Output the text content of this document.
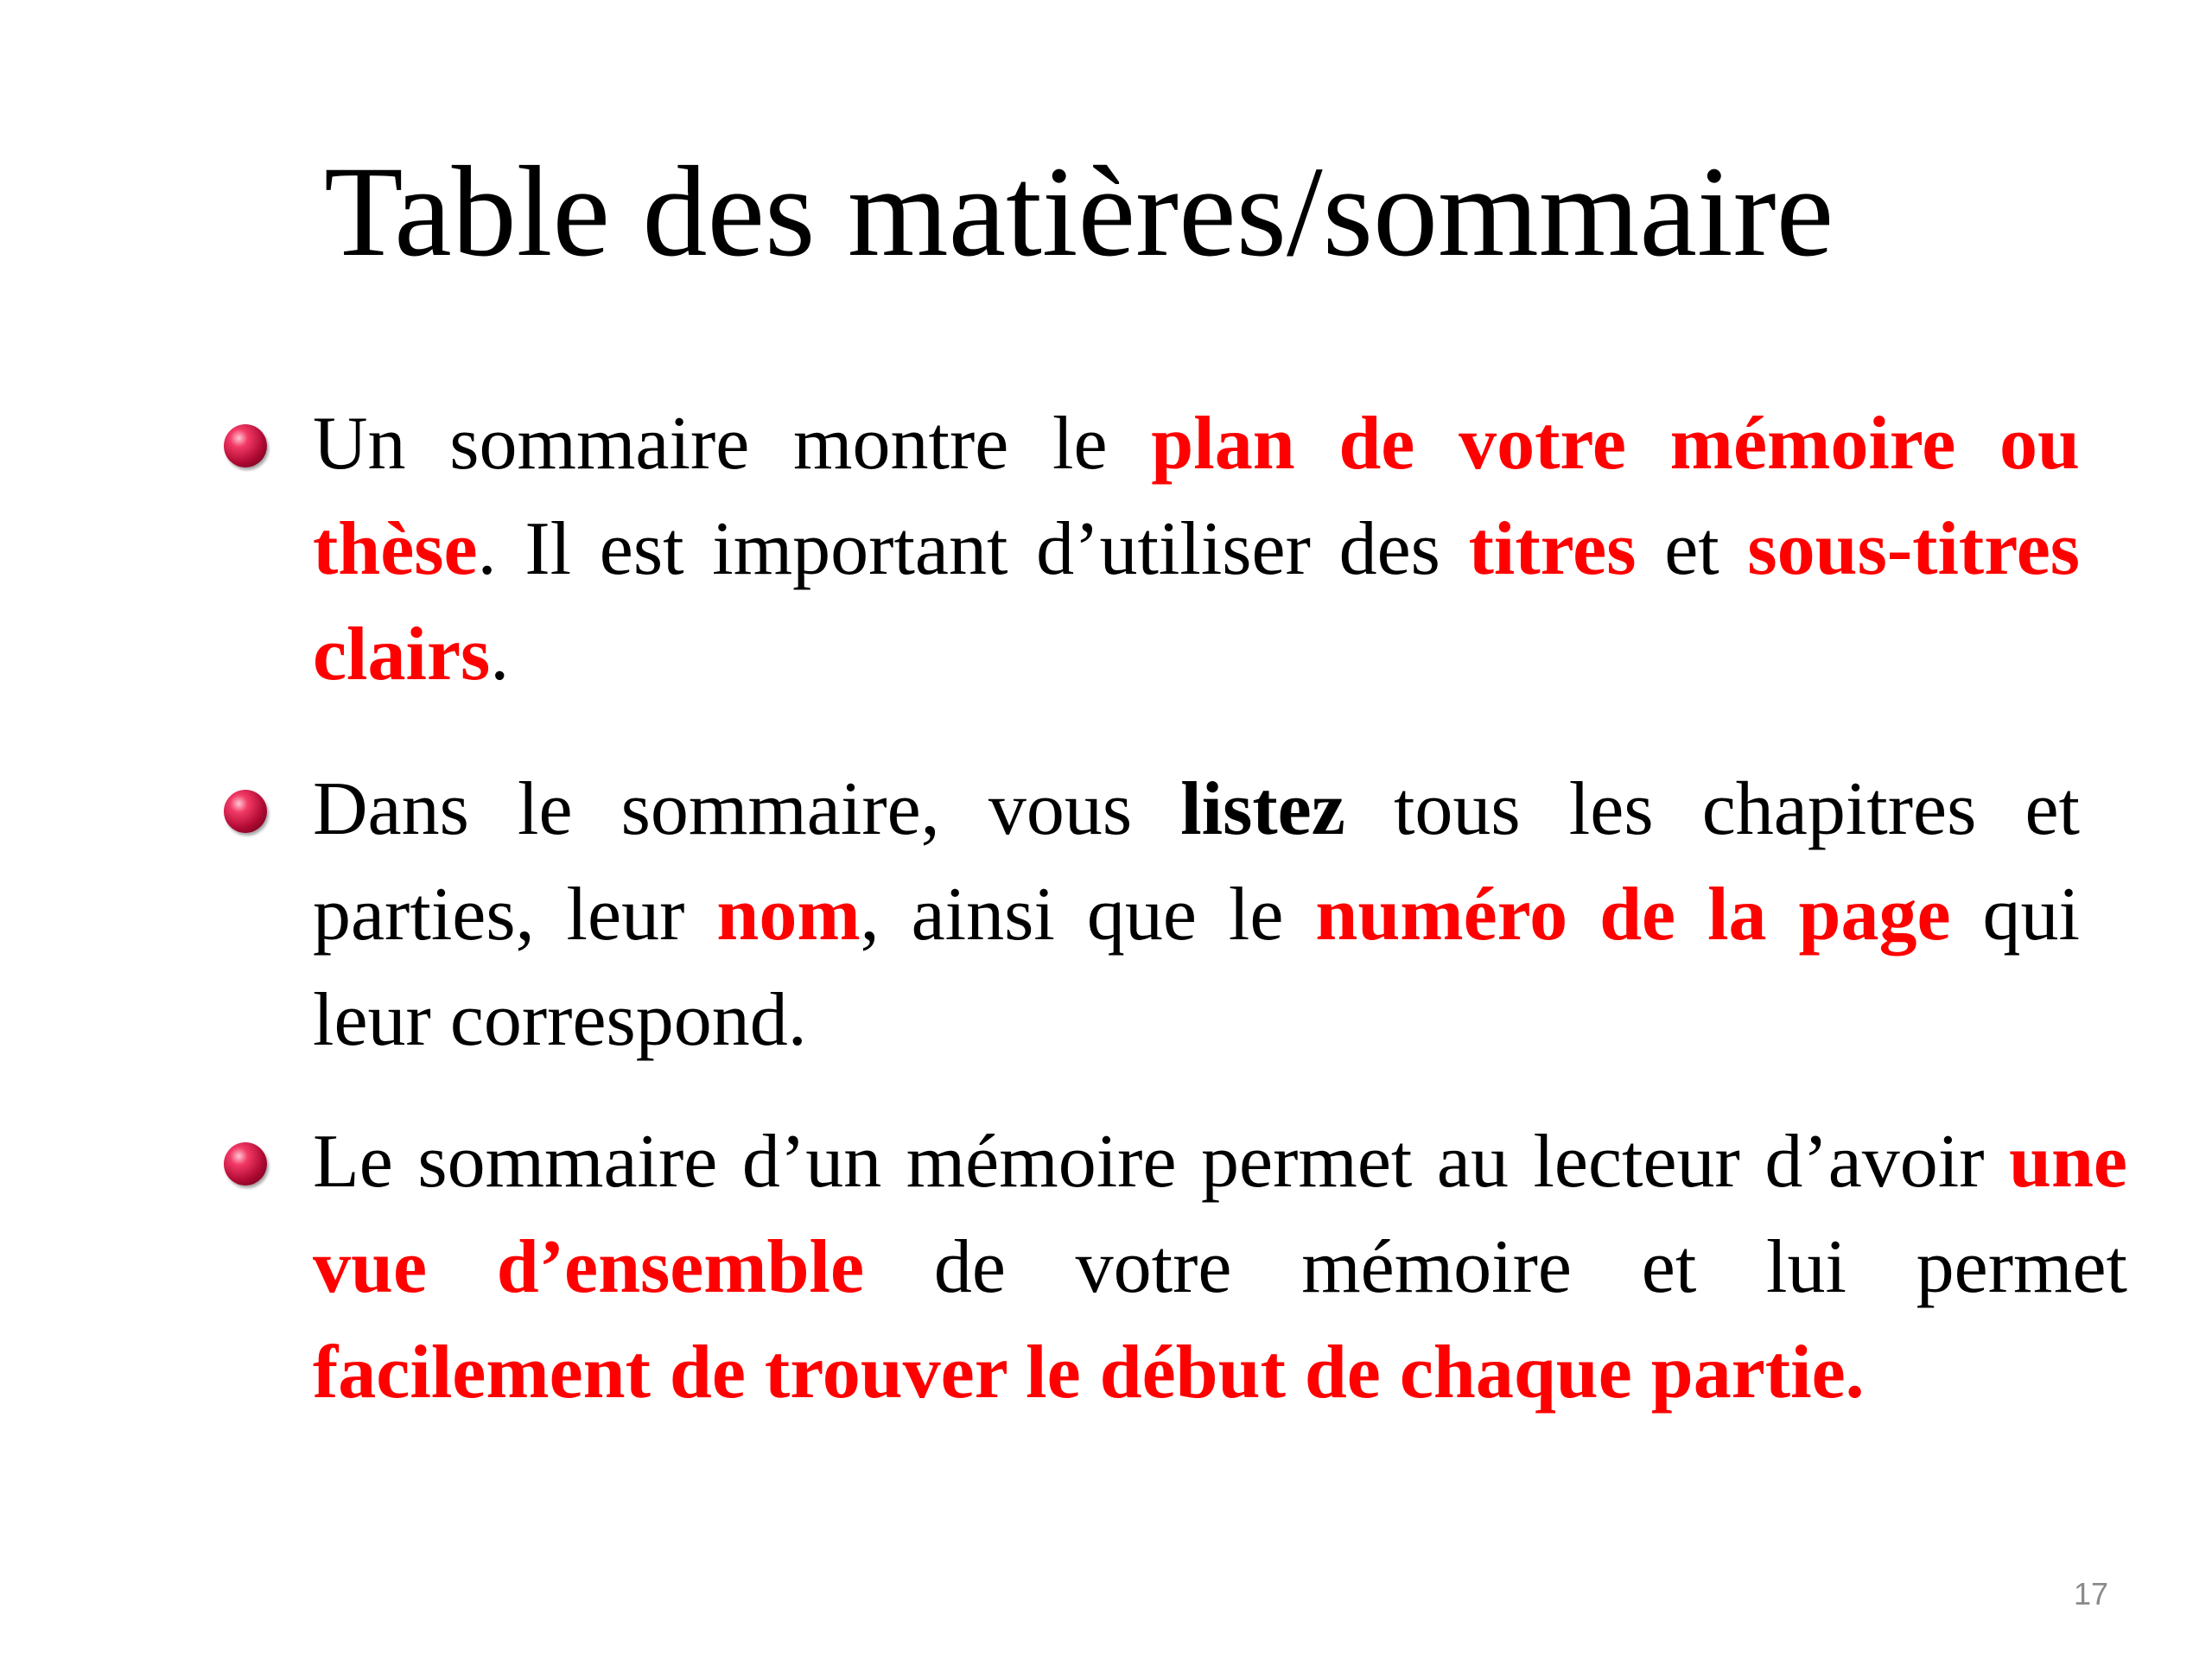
Table des matières/sommaire
Un sommaire montre le plan de votre mémoire ou thèse. Il est important d’utiliser des titres et sous-titres clairs.
Dans le sommaire, vous listez tous les chapitres et parties, leur nom, ainsi que le numéro de la page qui leur correspond.
Le sommaire d’un mémoire permet au lecteur d’avoir une vue d’ensemble de votre mémoire et lui permet facilement de trouver le début de chaque partie.
17
